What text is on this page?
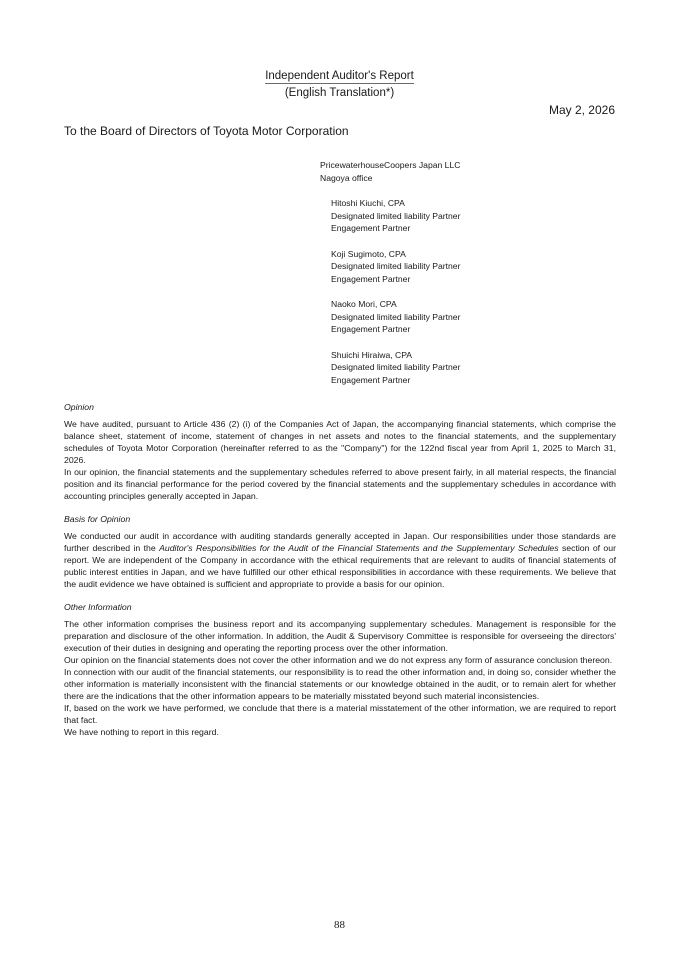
Independent Auditor's Report
(English Translation*)
May 2, 2026
To the Board of Directors of Toyota Motor Corporation
PricewaterhouseCoopers Japan LLC
Nagoya office
Hitoshi Kiuchi, CPA
Designated limited liability Partner
Engagement Partner
Koji Sugimoto, CPA
Designated limited liability Partner
Engagement Partner
Naoko Mori, CPA
Designated limited liability Partner
Engagement Partner
Shuichi Hiraiwa, CPA
Designated limited liability Partner
Engagement Partner
Opinion

We have audited, pursuant to Article 436 (2) (i) of the Companies Act of Japan, the accompanying financial statements, which comprise the balance sheet, statement of income, statement of changes in net assets and notes to the financial statements, and the supplementary schedules of Toyota Motor Corporation (hereinafter referred to as the "Company") for the 122nd fiscal year from April 1, 2025 to March 31, 2026.

In our opinion, the financial statements and the supplementary schedules referred to above present fairly, in all material respects, the financial position and its financial performance for the period covered by the financial statements and the supplementary schedules in accordance with accounting principles generally accepted in Japan.

Basis for Opinion

We conducted our audit in accordance with auditing standards generally accepted in Japan. Our responsibilities under those standards are further described in the Auditor's Responsibilities for the Audit of the Financial Statements and the Supplementary Schedules section of our report. We are independent of the Company in accordance with the ethical requirements that are relevant to audits of financial statements of public interest entities in Japan, and we have fulfilled our other ethical responsibilities in accordance with these requirements. We believe that the audit evidence we have obtained is sufficient and appropriate to provide a basis for our opinion.

Other Information

The other information comprises the business report and its accompanying supplementary schedules. Management is responsible for the preparation and disclosure of the other information. In addition, the Audit & Supervisory Committee is responsible for overseeing the directors' execution of their duties in designing and operating the reporting process over the other information.

Our opinion on the financial statements does not cover the other information and we do not express any form of assurance conclusion thereon.

In connection with our audit of the financial statements, our responsibility is to read the other information and, in doing so, consider whether the other information is materially inconsistent with the financial statements or our knowledge obtained in the audit, or to remain alert for whether there are the indications that the other information appears to be materially misstated beyond such material inconsistencies.

If, based on the work we have performed, we conclude that there is a material misstatement of the other information, we are required to report that fact.

We have nothing to report in this regard.

88
